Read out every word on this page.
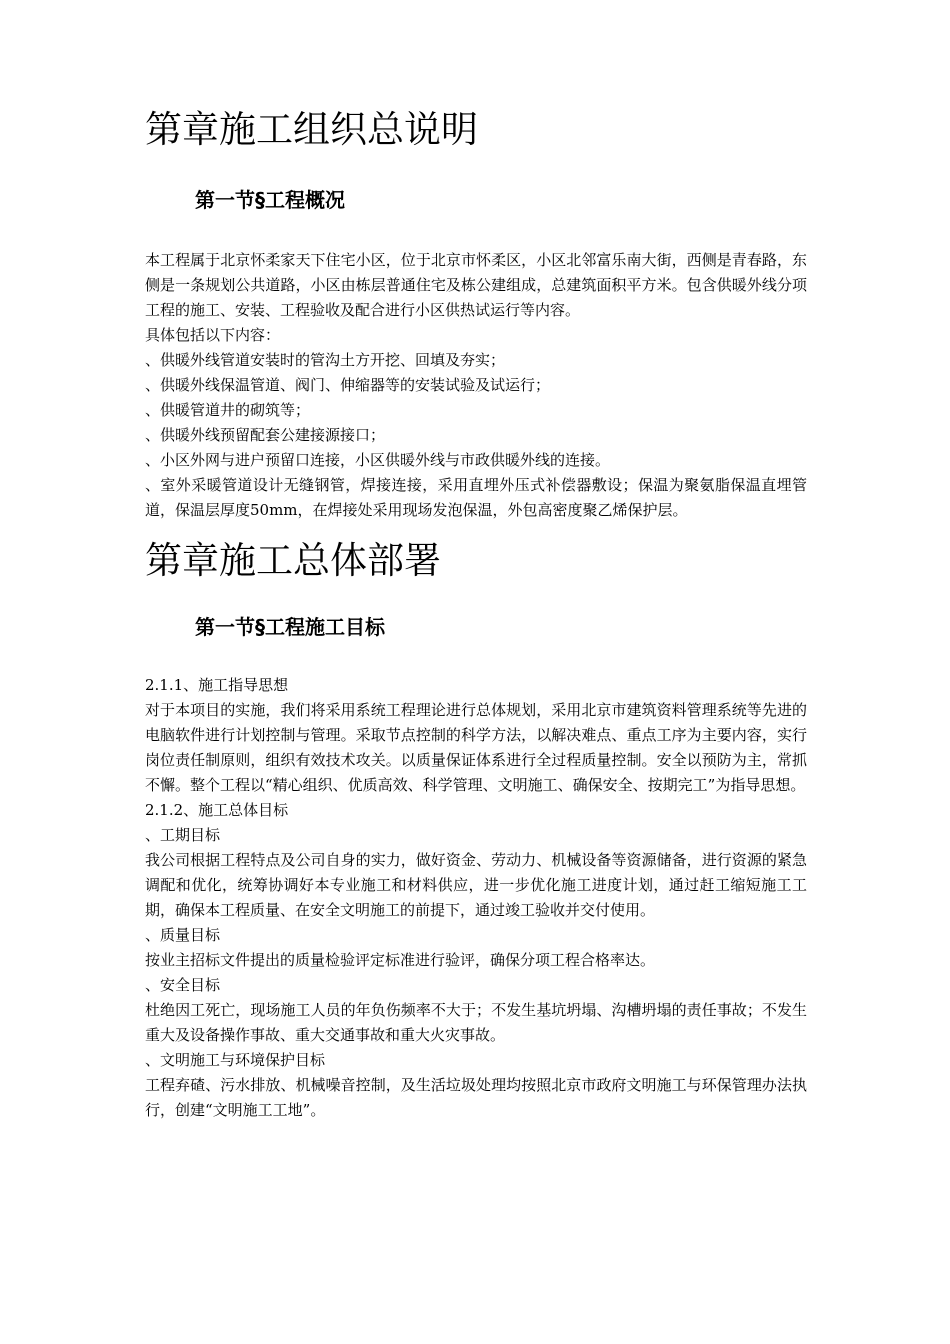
第章施工组织总说明
第一节§工程概况

本工程属于北京怀柔家天下住宅小区，位于北京市怀柔区，小区北邻富乐南大街，西侧是青春路，东侧是一条规划公共道路，小区由栋层普通住宅及栋公建组成，总建筑面积平方米。包含供暖外线分项工程的施工、安装、工程验收及配合进行小区供热试运行等内容。

具体包括以下内容：

、供暖外线管道安装时的管沟土方开挖、回填及夯实；

、供暖外线保温管道、阀门、伸缩器等的安装试验及试运行；

、供暖管道井的砌筑等；

、供暖外线预留配套公建接源接口；

、小区外网与进户预留口连接，小区供暖外线与市政供暖外线的连接。

、室外采暖管道设计无缝钢管，焊接连接，采用直埋外压式补偿器敷设；保温为聚氨脂保温直埋管道，保温层厚度50mm，在焊接处采用现场发泡保温，外包高密度聚乙烯保护层。

第章施工总体部署
第一节§工程施工目标

2.1.1、施工指导思想

对于本项目的实施，我们将采用系统工程理论进行总体规划，采用北京市建筑资料管理系统等先进的电脑软件进行计划控制与管理。采取节点控制的科学方法，以解决难点、重点工序为主要内容，实行岗位责任制原则，组织有效技术攻关。以质量保证体系进行全过程质量控制。安全以预防为主，常抓不懈。整个工程以“精心组织、优质高效、科学管理、文明施工、确保安全、按期完工”为指导思想。

2.1.2、施工总体目标

、工期目标

我公司根据工程特点及公司自身的实力，做好资金、劳动力、机械设备等资源储备，进行资源的紧急调配和优化，统筹协调好本专业施工和材料供应，进一步优化施工进度计划，通过赶工缩短施工工期，确保本工程质量、在安全文明施工的前提下，通过竣工验收并交付使用。

、质量目标

按业主招标文件提出的质量检验评定标准进行验评，确保分项工程合格率达。

、安全目标

杜绝因工死亡，现场施工人员的年负伤频率不大于；不发生基坑坍塌、沟槽坍塌的责任事故；不发生重大及设备操作事故、重大交通事故和重大火灾事故。

、文明施工与环境保护目标

工程弃碴、污水排放、机械噪音控制，及生活垃圾处理均按照北京市政府文明施工与环保管理办法执行，创建“文明施工工地”。
